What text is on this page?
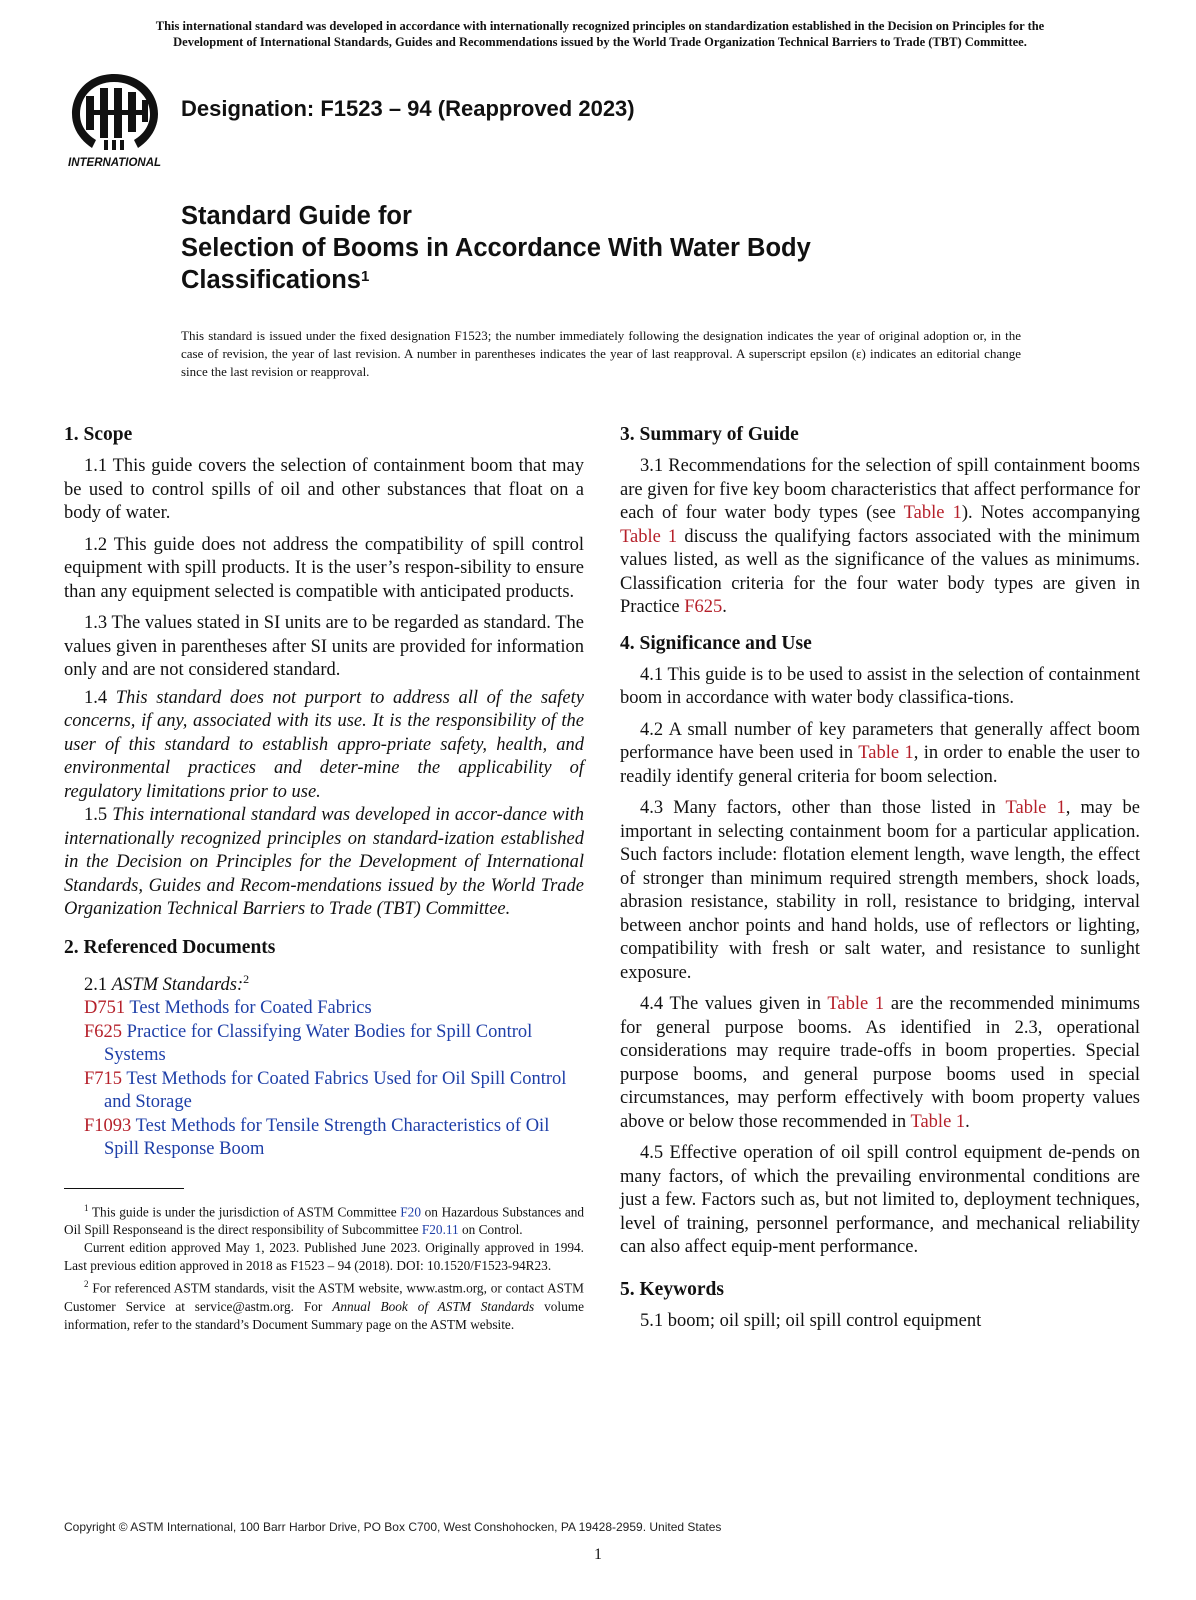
This international standard was developed in accordance with internationally recognized principles on standardization established in the Decision on Principles for the
Development of International Standards, Guides and Recommendations issued by the World Trade Organization Technical Barriers to Trade (TBT) Committee.
INTERNATIONAL
Designation: F1523 – 94 (Reapproved 2023)
Standard Guide for
Selection of Booms in Accordance With Water Body
Classifications$^1$
This standard is issued under the fixed designation F1523; the number immediately following the designation indicates the year of original adoption or, in the case of revision, the year of last revision. A number in parentheses indicates the year of last reapproval. A superscript epsilon (ε) indicates an editorial change since the last revision or reapproval.
1. Scope
1.1 This guide covers the selection of containment boom that may be used to control spills of oil and other substances that float on a body of water.
1.2 This guide does not address the compatibility of spill control equipment with spill products. It is the user’s respon-sibility to ensure than any equipment selected is compatible with anticipated products.
1.3 The values stated in SI units are to be regarded as standard. The values given in parentheses after SI units are provided for information only and are not considered standard.
1.4 This standard does not purport to address all of the safety concerns, if any, associated with its use. It is the responsibility of the user of this standard to establish appro-priate safety, health, and environmental practices and deter-mine the applicability of regulatory limitations prior to use.
1.5 This international standard was developed in accor-dance with internationally recognized principles on standard-ization established in the Decision on Principles for the Development of International Standards, Guides and Recom-mendations issued by the World Trade Organization Technical Barriers to Trade (TBT) Committee.
2. Referenced Documents
2.1 ASTM Standards:$^2$
D751 Test Methods for Coated Fabrics
F625 Practice for Classifying Water Bodies for Spill Control Systems
F715 Test Methods for Coated Fabrics Used for Oil Spill Control and Storage
F1093 Test Methods for Tensile Strength Characteristics of Oil Spill Response Boom
$^1$ This guide is under the jurisdiction of ASTM Committee F20 on Hazardous Substances and Oil Spill Responseand is the direct responsibility of Subcommittee F20.11 on Control.
Current edition approved May 1, 2023. Published June 2023. Originally approved in 1994. Last previous edition approved in 2018 as F1523 – 94 (2018). DOI: 10.1520/F1523-94R23.
$^2$ For referenced ASTM standards, visit the ASTM website, www.astm.org, or contact ASTM Customer Service at service@astm.org. For Annual Book of ASTM Standards volume information, refer to the standard’s Document Summary page on the ASTM website.
3. Summary of Guide
3.1 Recommendations for the selection of spill containment booms are given for five key boom characteristics that affect performance for each of four water body types (see Table 1). Notes accompanying Table 1 discuss the qualifying factors associated with the minimum values listed, as well as the significance of the values as minimums. Classification criteria for the four water body types are given in Practice F625.
4. Significance and Use
4.1 This guide is to be used to assist in the selection of containment boom in accordance with water body classifica-tions.
4.2 A small number of key parameters that generally affect boom performance have been used in Table 1, in order to enable the user to readily identify general criteria for boom selection.
4.3 Many factors, other than those listed in Table 1, may be important in selecting containment boom for a particular application. Such factors include: flotation element length, wave length, the effect of stronger than minimum required strength members, shock loads, abrasion resistance, stability in roll, resistance to bridging, interval between anchor points and hand holds, use of reflectors or lighting, compatibility with fresh or salt water, and resistance to sunlight exposure.
4.4 The values given in Table 1 are the recommended minimums for general purpose booms. As identified in 2.3, operational considerations may require trade-offs in boom properties. Special purpose booms, and general purpose booms used in special circumstances, may perform effectively with boom property values above or below those recommended in Table 1.
4.5 Effective operation of oil spill control equipment de-pends on many factors, of which the prevailing environmental conditions are just a few. Factors such as, but not limited to, deployment techniques, level of training, personnel performance, and mechanical reliability can also affect equip-ment performance.
5. Keywords
5.1 boom; oil spill; oil spill control equipment
Copyright © ASTM International, 100 Barr Harbor Drive, PO Box C700, West Conshohocken, PA 19428-2959. United States
1
